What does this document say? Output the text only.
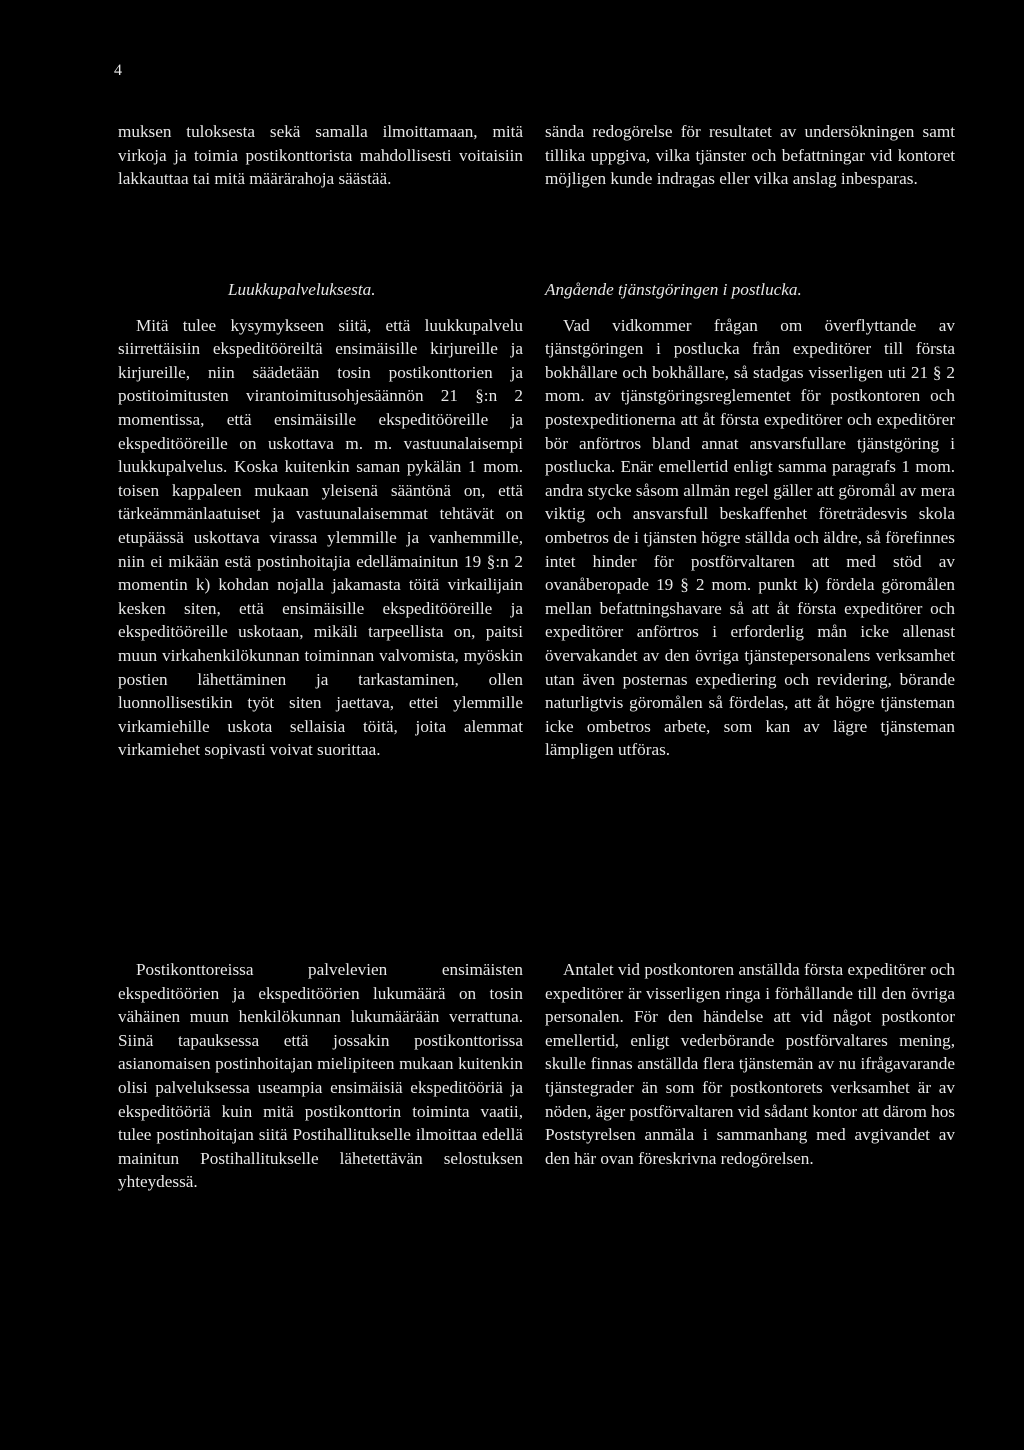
4

muksen tuloksesta sekä samalla ilmoittamaan, mitä virkoja ja toimia postikonttorista mahdollisesti voitaisiin lakkauttaa tai mitä määrärahoja säästää.

sända redogörelse för resultatet av undersökningen samt tillika uppgiva, vilka tjänster och befattningar vid kontoret möjligen kunde indragas eller vilka anslag inbesparas.

Luukkupalveluksesta.

Mitä tulee kysymykseen siitä, että luukkupalvelu siirrettäisiin ekspeditööreiltä ensimäisille kirjureille ja kirjureille, niin säädetään tosin postikonttorien ja postitoimitusten virantoimitusohjesäännön 21 §:n 2 momentissa, että ensimäisille ekspeditööreille ja ekspeditööreille on uskottava m. m. vastuunalaisempi luukkupalvelus. Koska kuitenkin saman pykälän 1 mom. toisen kappaleen mukaan yleisenä sääntönä on, että tärkeämmänlaatuiset ja vastuunalaisemmat tehtävät on etupäässä uskottava virassa ylemmille ja vanhemmille, niin ei mikään estä postinhoitajia edellämainitun 19 §:n 2 momentin k) kohdan nojalla jakamasta töitä virkailijain kesken siten, että ensimäisille ekspeditööreille ja ekspeditööreille uskotaan, mikäli tarpeellista on, paitsi muun virkahenkilökunnan toiminnan valvomista, myöskin postien lähettäminen ja tarkastaminen, ollen luonnollisestikin työt siten jaettava, ettei ylemmille virkamiehille uskota sellaisia töitä, joita alemmat virkamiehet sopivasti voivat suorittaa.

Angående tjänstgöringen i postlucka.

Vad vidkommer frågan om överflyttande av tjänstgöringen i postlucka från expeditörer till första bokhållare och bokhållare, så stadgas visserligen uti 21 § 2 mom. av tjänstgöringsreglementet för postkontoren och postexpeditionerna att åt första expeditörer och expeditörer bör anförtros bland annat ansvarsfullare tjänstgöring i postlucka. Enär emellertid enligt samma paragrafs 1 mom. andra stycke såsom allmän regel gäller att göromål av mera viktig och ansvarsfull beskaffenhet företrädesvis skola ombetros de i tjänsten högre ställda och äldre, så förefinnes intet hinder för postförvaltaren att med stöd av ovanåberopade 19 § 2 mom. punkt k) fördela göromålen mellan befattningshavare så att åt första expeditörer och expeditörer anförtros i erforderlig mån icke allenast övervakandet av den övriga tjänstepersonalens verksamhet utan även posternas expediering och revidering, börande naturligtvis göromålen så fördelas, att åt högre tjänsteman icke ombetros arbete, som kan av lägre tjänsteman lämpligen utföras.

Postikonttoreissa palvelevien ensimäisten ekspeditöörien ja ekspeditöörien lukumäärä on tosin vähäinen muun henkilökunnan lukumäärään verrattuna. Siinä tapauksessa että jossakin postikonttorissa asianomaisen postinhoitajan mielipiteen mukaan kuitenkin olisi palveluksessa useampia ensimäisiä ekspeditööriä ja ekspeditööriä kuin mitä postikonttorin toiminta vaatii, tulee postinhoitajan siitä Postihallitukselle ilmoittaa edellä mainitun Postihallitukselle lähetettävän selostuksen yhteydessä.

Antalet vid postkontoren anställda första expeditörer och expeditörer är visserligen ringa i förhållande till den övriga personalen. För den händelse att vid något postkontor emellertid, enligt vederbörande postförvaltares mening, skulle finnas anställda flera tjänstemän av nu ifrågavarande tjänstegrader än som för postkontorets verksamhet är av nöden, äger postförvaltaren vid sådant kontor att därom hos Poststyrelsen anmäla i sammanhang med avgivandet av den här ovan föreskrivna redogörelsen.
